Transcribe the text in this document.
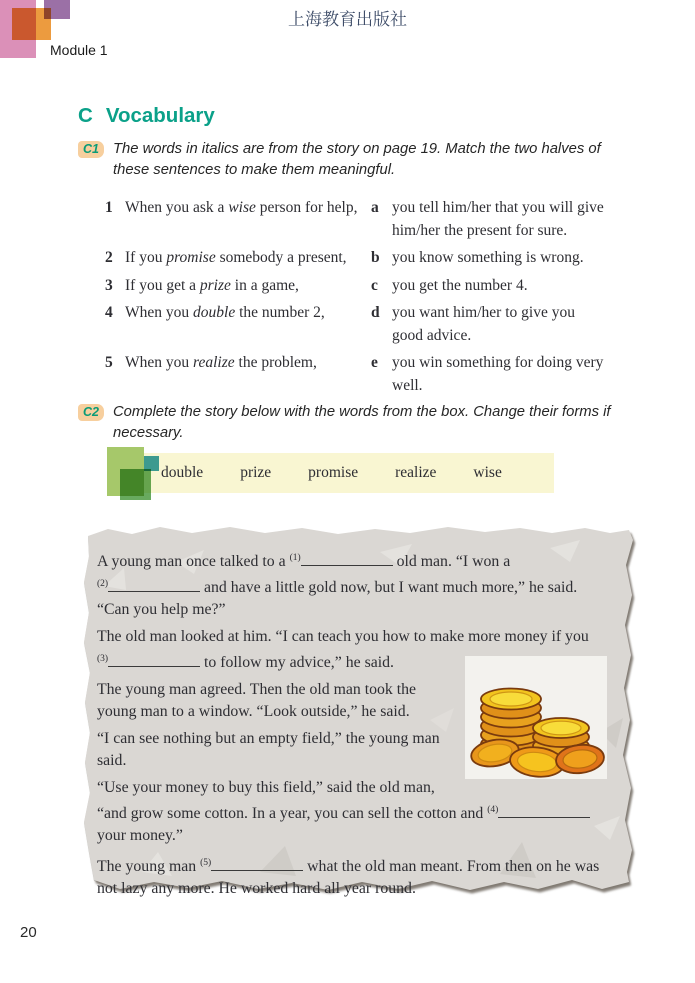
上海教育出版社
Module 1
C Vocabulary
C1 The words in italics are from the story on page 19. Match the two halves of these sentences to make them meaningful.
1 When you ask a wise person for help, a you tell him/her that you will give him/her the present for sure.
2 If you promise somebody a present,	b you know something is wrong.
3 If you get a prize in a game,	c you get the number 4.
4 When you double the number 2,	d you want him/her to give you good advice.
5 When you realize the problem,	e you win something for doing very well.
C2 Complete the story below with the words from the box. Change their forms if necessary.
double prize promise realize wise

A young man once talked to a $^{(1)}$	old man. “I won a $^{(2)}$	and have a little gold now, but I want much more,” he said. “Can you help me?”

The old man looked at him. “I can teach you how to make more money if you $^{(3)}$	to follow my advice,” he said.

The young man agreed. Then the old man took the young man to a window. “Look outside,” he said.

“I can see nothing but an empty field,” the young man said.

“Use your money to buy this field,” said the old man, “and grow some cotton. In a year, you can sell the cotton and $^{(4)}$ your money.”

The young man $^{(5)}$	what the old man meant. From then on he was not lazy any more. He worked hard all year round.

20
